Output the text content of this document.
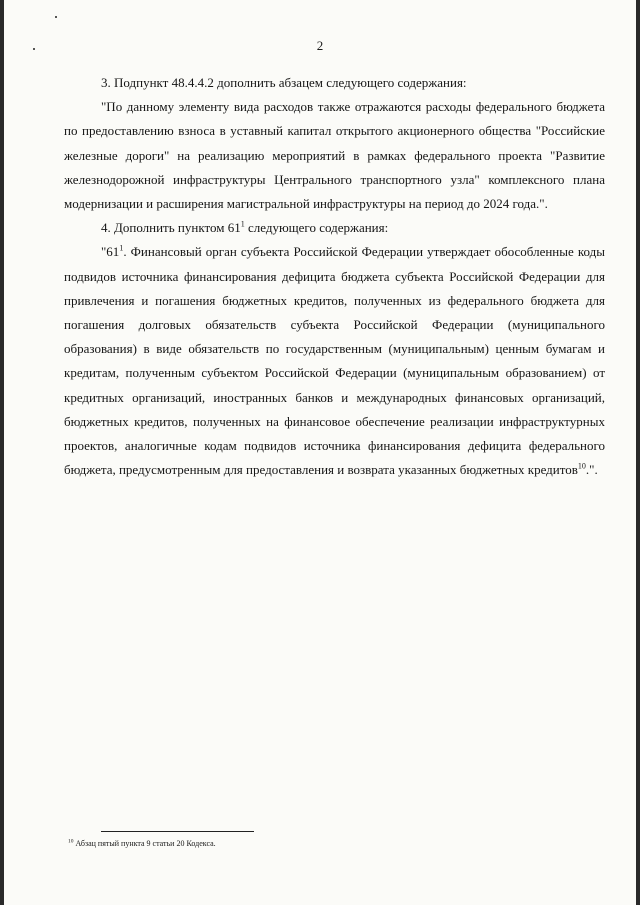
2

3. Подпункт 48.4.4.2 дополнить абзацем следующего содержания:

"По данному элементу вида расходов также отражаются расходы федерального бюджета по предоставлению взноса в уставный капитал открытого акционерного общества "Российские железные дороги" на реализацию мероприятий в рамках федерального проекта "Развитие железнодорожной инфраструктуры Центрального транспортного узла" комплексного плана модернизации и расширения магистральной инфраструктуры на период до 2024 года.".

4. Дополнить пунктом $61^1$ следующего содержания:

"$61^1$. Финансовый орган субъекта Российской Федерации утверждает обособленные коды подвидов источника финансирования дефицита бюджета субъекта Российской Федерации для привлечения и погашения бюджетных кредитов, полученных из федерального бюджета для погашения долговых обязательств субъекта Российской Федерации (муниципального образования) в виде обязательств по государственным (муниципальным) ценным бумагам и кредитам, полученным субъектом Российской Федерации (муниципальным образованием) от кредитных организаций, иностранных банков и международных финансовых организаций, бюджетных кредитов, полученных на финансовое обеспечение реализации инфраструктурных проектов, аналогичные кодам подвидов источника финансирования дефицита федерального бюджета, предусмотренным для предоставления и возврата указанных бюджетных кредитов$^{10}$.".

$^{10}$ Абзац пятый пункта 9 статьи 20 Кодекса.
